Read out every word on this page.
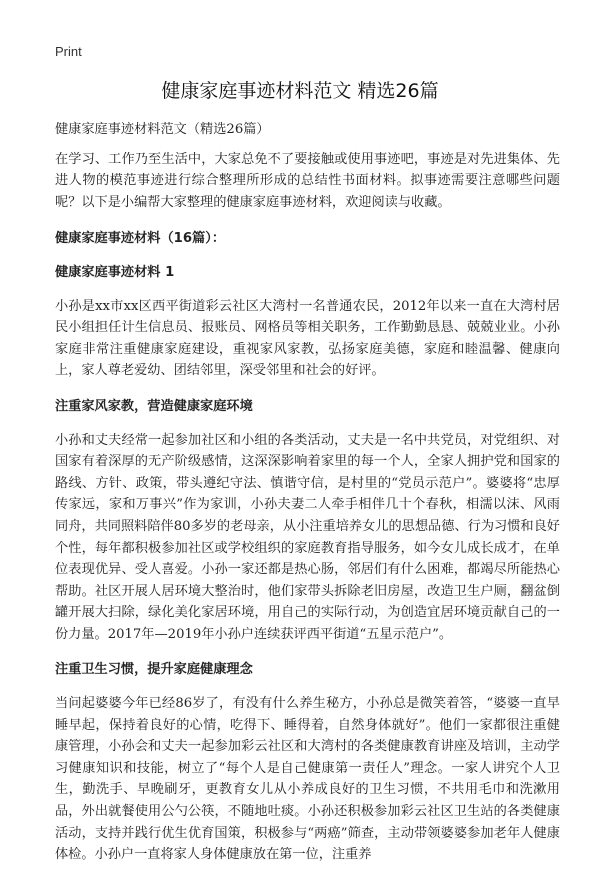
Print
健康家庭事迹材料范文 精选26篇

健康家庭事迹材料范文（精选26篇）

在学习、工作乃至生活中，大家总免不了要接触或使用事迹吧，事迹是对先进集体、先进人物的模范事迹进行综合整理所形成的总结性书面材料。拟事迹需要注意哪些问题呢？以下是小编帮大家整理的健康家庭事迹材料，欢迎阅读与收藏。

健康家庭事迹材料（16篇）：

健康家庭事迹材料 1

小孙是xx市xx区西平街道彩云社区大湾村一名普通农民，2012年以来一直在大湾村居民小组担任计生信息员、报账员、网格员等相关职务，工作勤勤恳恳、兢兢业业。小孙家庭非常注重健康家庭建设，重视家风家教，弘扬家庭美德，家庭和睦温馨、健康向上，家人尊老爱幼、团结邻里，深受邻里和社会的好评。

注重家风家教，营造健康家庭环境

小孙和丈夫经常一起参加社区和小组的各类活动，丈夫是一名中共党员，对党组织、对国家有着深厚的无产阶级感情，这深深影响着家里的每一个人，全家人拥护党和国家的路线、方针、政策，带头遵纪守法、慎谐守信，是村里的“党员示范户”。婆婆将“忠厚传家远，家和万事兴”作为家训，小孙夫妻二人牵手相伴几十个春秋，相濡以沫、风雨同舟，共同照料陪伴80多岁的老母亲，从小注重培养女儿的思想品德、行为习惯和良好个性，每年都积极参加社区或学校组织的家庭教育指导服务，如今女儿成长成才，在单位表现优异、受人喜爱。小孙一家还都是热心肠，邻居们有什么困难，都竭尽所能热心帮助。社区开展人居环境大整治时，他们家带头拆除老旧房屋，改造卫生户厕，翻盆倒罐开展大扫除，绿化美化家居环境，用自己的实际行动，为创造宜居环境贡献自己的一份力量。2017年—2019年小孙户连续获评西平街道“五星示范户”。

注重卫生习惯，提升家庭健康理念

当问起婆婆今年已经86岁了，有没有什么养生秘方，小孙总是微笑着答，“婆婆一直早睡早起，保持着良好的心情，吃得下、睡得着，自然身体就好”。他们一家都很注重健康管理，小孙会和丈夫一起参加彩云社区和大湾村的各类健康教育讲座及培训，主动学习健康知识和技能，树立了“每个人是自己健康第一责任人”理念。一家人讲究个人卫生，勤洗手、早晚刷牙，更教育女儿从小养成良好的卫生习惯，不共用毛巾和洗漱用品，外出就餐使用公勺公筷，不随地吐痰。小孙还积极参加彩云社区卫生站的各类健康活动，支持并践行优生优育国策，积极参与“两癌”筛查，主动带领婆婆参加老年人健康体检。小孙户一直将家人身体健康放在第一位，注重养
